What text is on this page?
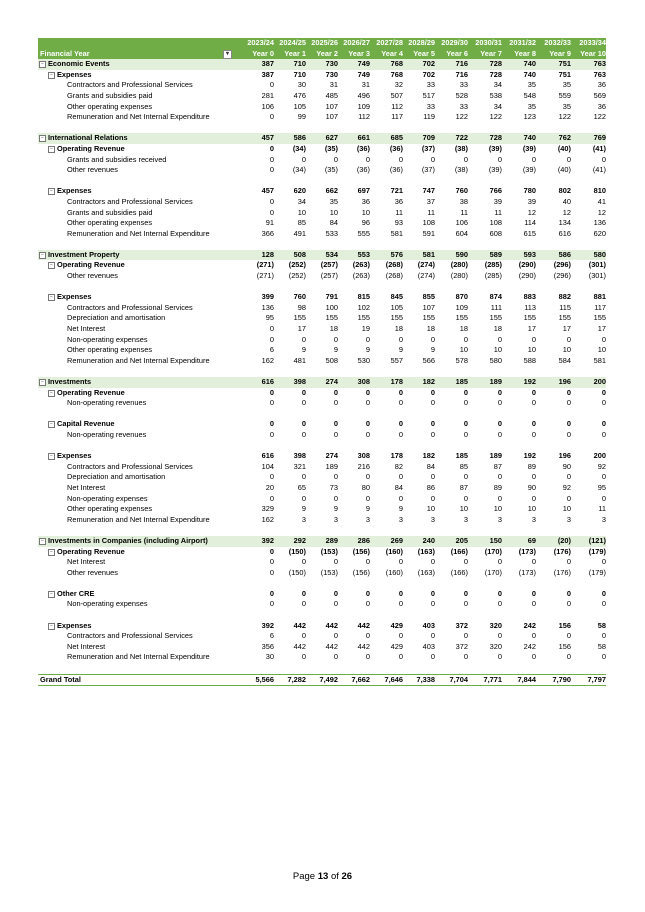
2023/24 2024/25 2025/26 2026/27 2027/28 2028/29 2029/30 2030/31 2031/32 2032/33 2033/34
Financial Year	▾	Year 0 Year 1 Year 2 Year 3 Year 4 Year 5 Year 6 Year 7 Year 8 Year 9 Year 10
− Economic Events	387	710	730	749	768	702	716	728	740	751	763
− Expenses	387	710	730	749	768	702	716	728	740	751	763
Contractors and Professional Services	0	30	31	31	32	33	33	34	35	35	36
Grants and subsidies paid	281	476	485	496	507	517	528	538	548	559	569
Other operating expenses	106	105	107	109	112	33	33	34	35	35	36
Remuneration and Net Internal Expenditure	0	99	107	112	117	119	122	122	123	122	122
− International Relations	457	586	627	661	685	709	722	728	740	762	769
− Operating Revenue	0	(34)	(35)	(36)	(36)	(37)	(38)	(39)	(39)	(40)	(41)
Grants and subsidies received	0	0	0	0	0	0	0	0	0	0	0
Other revenues	0	(34)	(35)	(36)	(36)	(37)	(38)	(39)	(39)	(40)	(41)
− Expenses	457	620	662	697	721	747	760	766	780	802	810
Contractors and Professional Services	0	34	35	36	36	37	38	39	39	40	41
Grants and subsidies paid	0	10	10	10	11	11	11	11	12	12	12
Other operating expenses	91	85	84	96	93	108	106	108	114	134	136
Remuneration and Net Internal Expenditure	366	491	533	555	581	591	604	608	615	616	620
− Investment Property	128	508	534	553	576	581	590	589	593	586	580
− Operating Revenue	(271) (252) (257) (263) (268) (274) (280) (285) (290) (296) (301)
Other revenues	(271) (252) (257) (263) (268) (274) (280) (285) (290) (296) (301)
− Expenses	399	760	791	815	845	855	870	874	883	882	881
Contractors and Professional Services	136	98	100	102	105	107	109	111	113	115	117
Depreciation and amortisation	95	155	155	155	155	155	155	155	155	155	155
Net Interest	0	17	18	19	18	18	18	18	17	17	17
Non-operating expenses	0	0	0	0	0	0	0	0	0	0	0
Other operating expenses	6	9	9	9	9	9	10	10	10	10	10
Remuneration and Net Internal Expenditure	162	481	508	530	557	566	578	580	588	584	581
− Investments	616	398	274	308	178	182	185	189	192	196	200
− Operating Revenue	0	0	0	0	0	0	0	0	0	0	0
Non-operating revenues	0	0	0	0	0	0	0	0	0	0	0
− Capital Revenue	0	0	0	0	0	0	0	0	0	0	0
Non-operating revenues	0	0	0	0	0	0	0	0	0	0	0
− Expenses	616	398	274	308	178	182	185	189	192	196	200
Contractors and Professional Services	104	321	189	216	82	84	85	87	89	90	92
Depreciation and amortisation	0	0	0	0	0	0	0	0	0	0	0
Net Interest	20	65	73	80	84	86	87	89	90	92	95
Non-operating expenses	0	0	0	0	0	0	0	0	0	0	0
Other operating expenses	329	9	9	9	9	10	10	10	10	10	11
Remuneration and Net Internal Expenditure	162	3	3	3	3	3	3	3	3	3	3
− Investments in Companies (including Airport)	392	292	289	286	269	240	205	150	69	(20) (121)
− Operating Revenue	0 (150) (153) (156) (160) (163) (166) (170) (173) (176) (179)
Net Interest	0	0	0	0	0	0	0	0	0	0	0
Other revenues	0 (150) (153) (156) (160) (163) (166) (170) (173) (176) (179)
− Other CRE	0	0	0	0	0	0	0	0	0	0	0
Non-operating expenses	0	0	0	0	0	0	0	0	0	0	0
− Expenses	392	442	442	442	429	403	372	320	242	156	58
Contractors and Professional Services	6	0	0	0	0	0	0	0	0	0	0
Net Interest	356	442	442	442	429	403	372	320	242	156	58
Remuneration and Net Internal Expenditure	30	0	0	0	0	0	0	0	0	0	0
Grand Total	5,566 7,282 7,492 7,662 7,646 7,338 7,704 7,771 7,844 7,790 7,797
Page 13 of 26
